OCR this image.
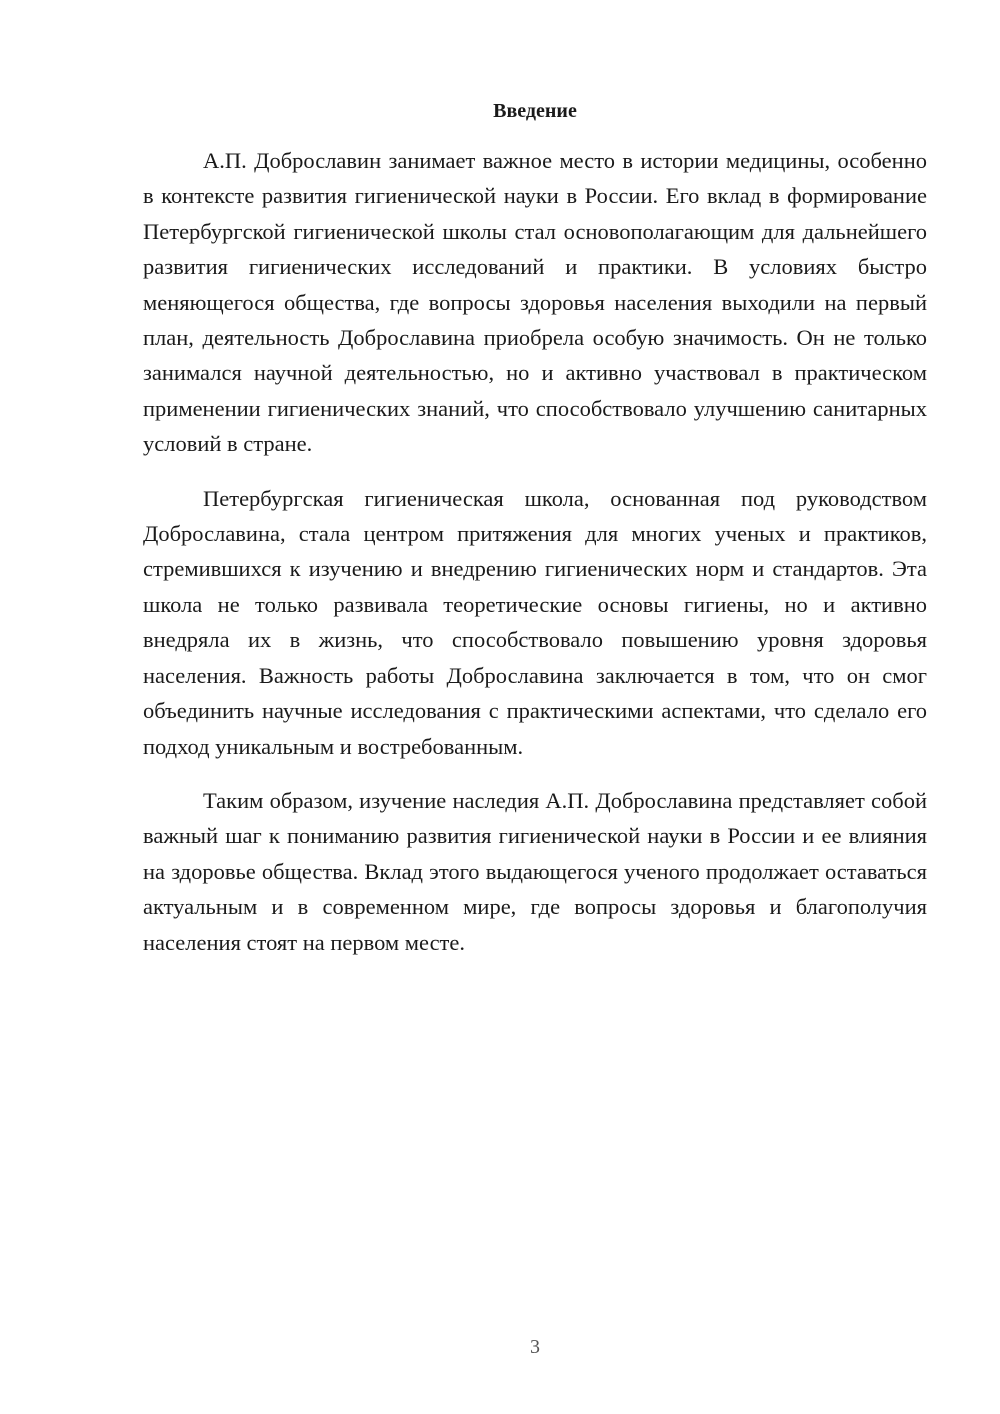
Введение

А.П. Доброславин занимает важное место в истории медицины, особенно в контексте развития гигиенической науки в России. Его вклад в формирование Петербургской гигиенической школы стал основополагающим для дальнейшего развития гигиенических исследований и практики. В условиях быстро меняющегося общества, где вопросы здоровья населения выходили на первый план, деятельность Доброславина приобрела особую значимость. Он не только занимался научной деятельностью, но и активно участвовал в практическом применении гигиенических знаний, что способствовало улучшению санитарных условий в стране.

Петербургская гигиеническая школа, основанная под руководством Доброславина, стала центром притяжения для многих ученых и практиков, стремившихся к изучению и внедрению гигиенических норм и стандартов. Эта школа не только развивала теоретические основы гигиены, но и активно внедряла их в жизнь, что способствовало повышению уровня здоровья населения. Важность работы Доброславина заключается в том, что он смог объединить научные исследования с практическими аспектами, что сделало его подход уникальным и востребованным.

Таким образом, изучение наследия А.П. Доброславина представляет собой важный шаг к пониманию развития гигиенической науки в России и ее влияния на здоровье общества. Вклад этого выдающегося ученого продолжает оставаться актуальным и в современном мире, где вопросы здоровья и благополучия населения стоят на первом месте.

3
